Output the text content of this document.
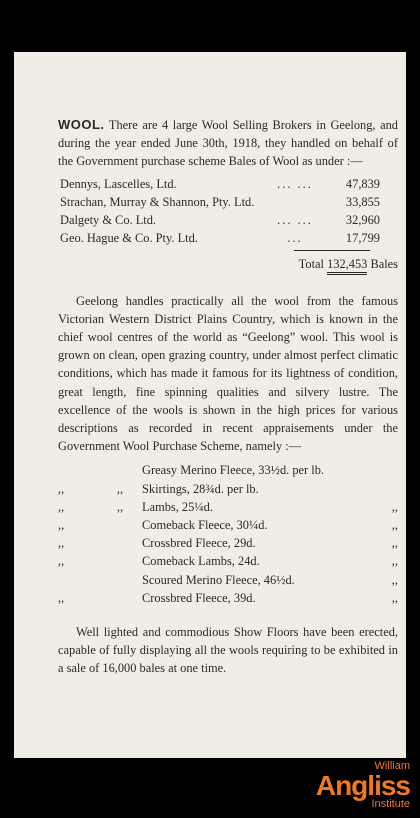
WOOL. There are 4 large Wool Selling Brokers in Geelong, and during the year ended June 30th, 1918, they handled on behalf of the Government purchase scheme Bales of Wool as under :—

Dennys, Lascelles, Ltd.	... ...	47,839
Strachan, Murray & Shannon, Pty. Ltd.		33,855
Dalgety & Co. Ltd.	... ...	32,960
Geo. Hague & Co. Pty. Ltd.	...	17,799
Total 132,453 Bales

Geelong handles practically all the wool from the famous Victorian Western District Plains Country, which is known in the chief wool centres of the world as “Geelong” wool. This wool is grown on clean, open grazing country, under almost perfect climatic conditions, which has made it famous for its lightness of condition, great length, fine spinning qualities and silvery lustre. The excellence of the wools is shown in the high prices for various descriptions as recorded in recent appraisements under the Government Wool Purchase Scheme, namely :—

Greasy Merino Fleece, 33½d. per lb.
,,	,,	Skirtings, 28¾d. per lb.
,,	,,	Lambs, 25¼d.	,,
,,	Comeback Fleece, 30¼d.	,,
,,	Crossbred Fleece, 29d.	,,
,,	Comeback Lambs, 24d.	,,
Scoured Merino Fleece, 46½d.	,,
,,	Crossbred Fleece, 39d.	,,

Well lighted and commodious Show Floors have been erected, capable of fully displaying all the wools requiring to be exhibited in a sale of 16,000 bales at one time.

William
Angliss
Institute
